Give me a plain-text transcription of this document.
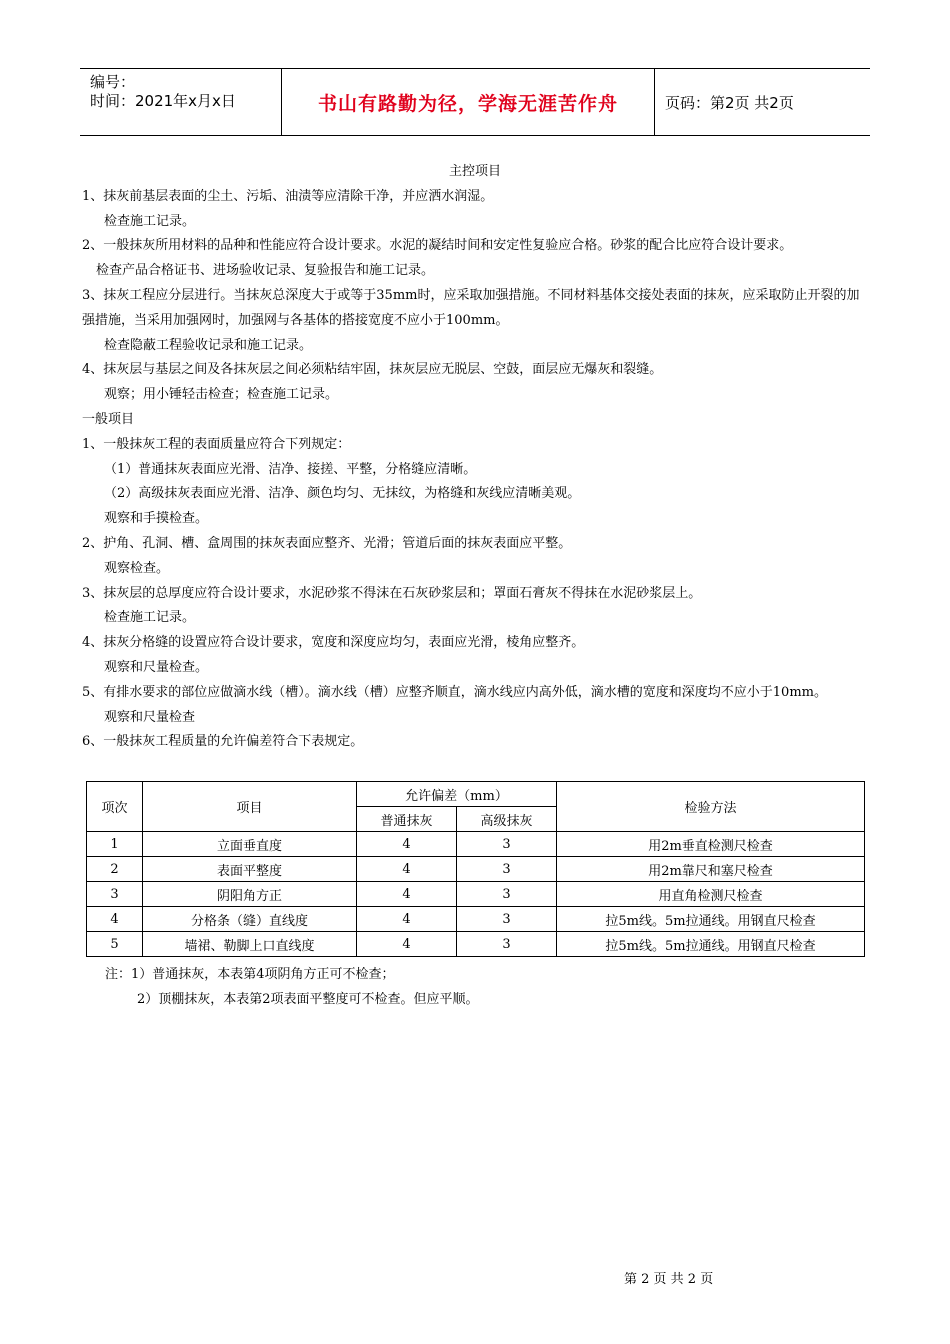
编号：
时间：2021年x月x日	书山有路勤为径，学海无涯苦作舟	页码：第2页 共2页
主控项目
1、抹灰前基层表面的尘土、污垢、油渍等应清除干净，并应洒水润湿。
检查施工记录。
2、一般抹灰所用材料的品种和性能应符合设计要求。水泥的凝结时间和安定性复验应合格。砂浆的配合比应符合设计要求。
检查产品合格证书、进场验收记录、复验报告和施工记录。
3、抹灰工程应分层进行。当抹灰总深度大于或等于35mm时，应采取加强措施。不同材料基体交接处表面的抹灰，应采取防止开裂的加强措施，当采用加强网时，加强网与各基体的搭接宽度不应小于100mm。
检查隐蔽工程验收记录和施工记录。
4、抹灰层与基层之间及各抹灰层之间必须粘结牢固，抹灰层应无脱层、空鼓，面层应无爆灰和裂缝。
观察；用小锤轻击检查；检查施工记录。
一般项目
1、一般抹灰工程的表面质量应符合下列规定：
（1）普通抹灰表面应光滑、洁净、接搓、平整，分格缝应清晰。
（2）高级抹灰表面应光滑、洁净、颜色均匀、无抹纹，为格缝和灰线应清晰美观。
观察和手摸检查。
2、护角、孔洞、槽、盒周围的抹灰表面应整齐、光滑；管道后面的抹灰表面应平整。
观察检查。
3、抹灰层的总厚度应符合设计要求，水泥砂浆不得沫在石灰砂浆层和；罩面石膏灰不得抹在水泥砂浆层上。
检查施工记录。
4、抹灰分格缝的设置应符合设计要求，宽度和深度应均匀，表面应光滑，棱角应整齐。
观察和尺量检查。
5、有排水要求的部位应做滴水线（槽）。滴水线（槽）应整齐顺直，滴水线应内高外低，滴水槽的宽度和深度均不应小于10mm。
观察和尺量检查
6、一般抹灰工程质量的允许偏差符合下表规定。
项次	项目	允许偏差（mm）		检验方法
		普通抹灰	高级抹灰	
1	立面垂直度	4	3	用2m垂直检测尺检查
2	表面平整度	4	3	用2m靠尺和塞尺检查
3	阴阳角方正	4	3	用直角检测尺检查
4	分格条（缝）直线度	4	3	拉5m线。5m拉通线。用钢直尺检查
5	墙裙、勒脚上口直线度	4	3	拉5m线。5m拉通线。用钢直尺检查
注：1）普通抹灰，本表第4项阴角方正可不检查；
2）顶棚抹灰，本表第2项表面平整度可不检查。但应平顺。
第 2 页 共 2 页
